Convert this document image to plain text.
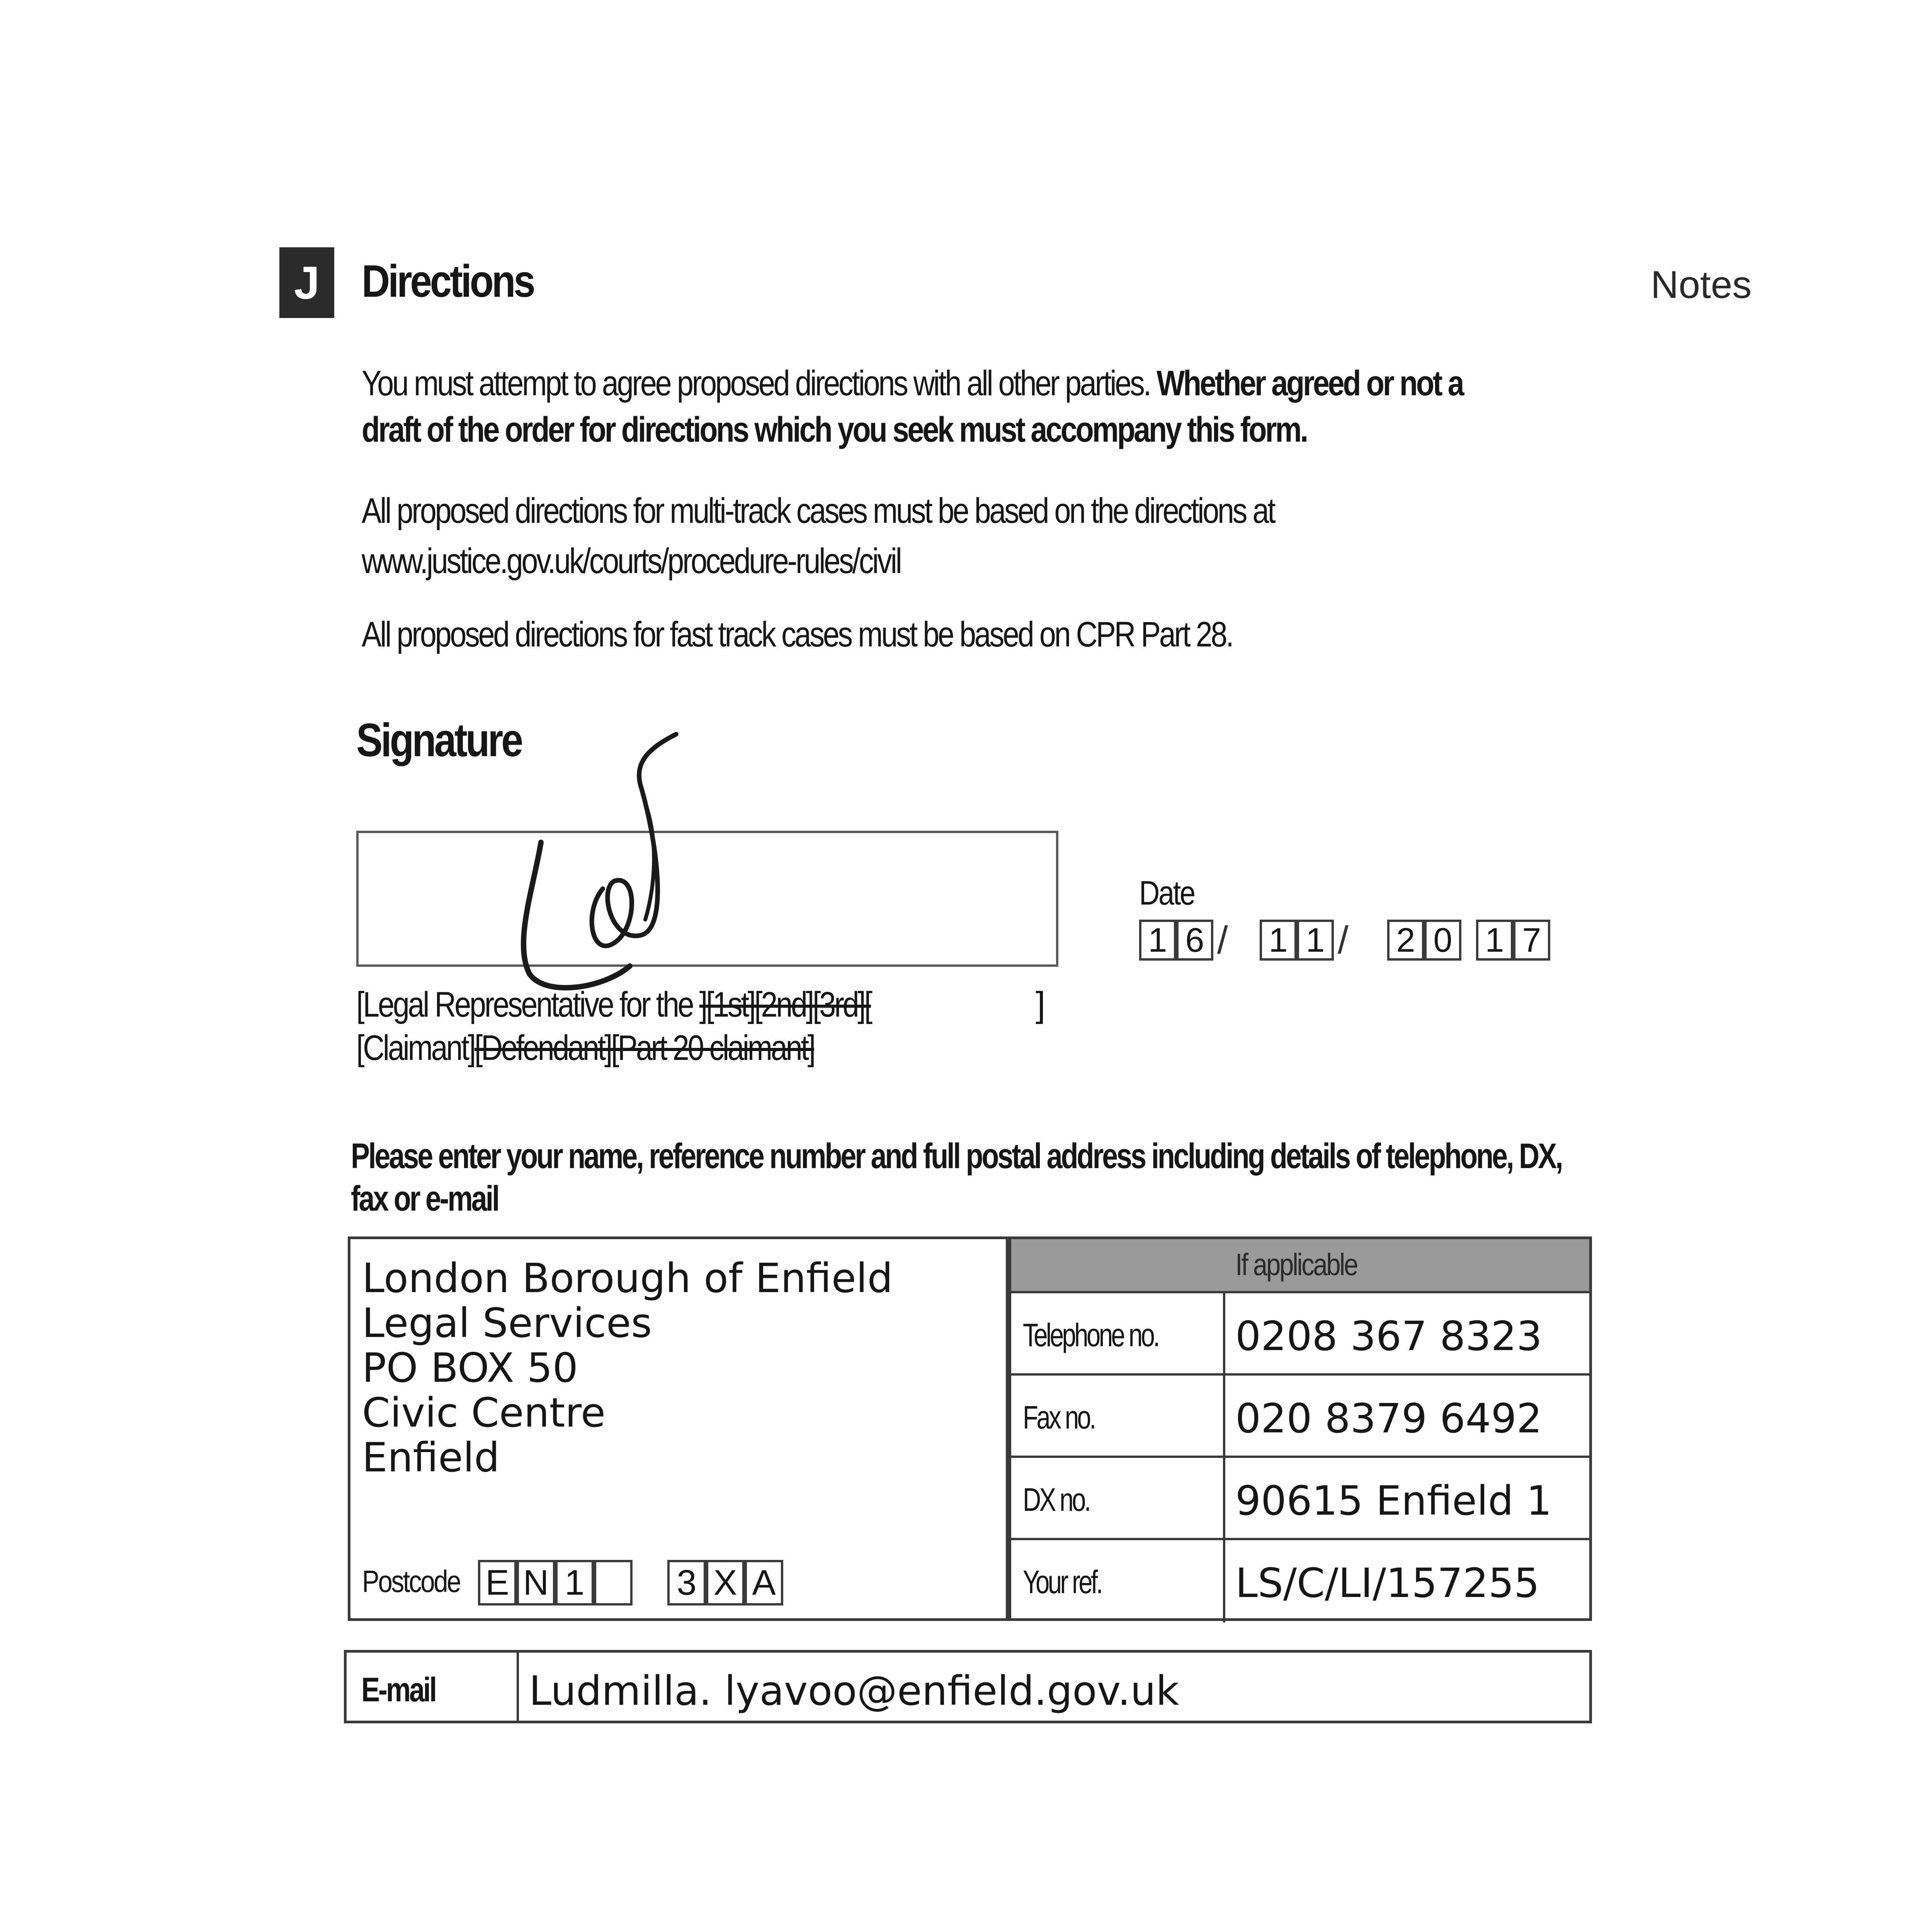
J Directions	Notes
You must attempt to agree proposed directions with all other parties. Whether agreed or not a
draft of the order for directions which you seek must accompany this form.
All proposed directions for multi-track cases must be based on the directions at
www.justice.gov.uk/courts/procedure-rules/civil
All proposed directions for fast track cases must be based on CPR Part 28.
Signature
Date
1 6 / 1 1 / 2 0 1 7
[Legal Representative for the ][1st][2nd][3rd][	]
[Claimant][Defendant][Part 20 claimant]
Please enter your name, reference number and full postal address including details of telephone, DX,
fax or e-mail
London Borough of Enfield
Legal Services
PO BOX 50
Civic Centre
Enfield
Postcode E N 1	3 X A
If applicable
Telephone no. 0208 367 8323
Fax no.	020 8379 6492
DX no.	90615 Enfield 1
Your ref.	LS/C/LI/157255
E-mail Ludmilla. lyavoo@enfield.gov.uk
